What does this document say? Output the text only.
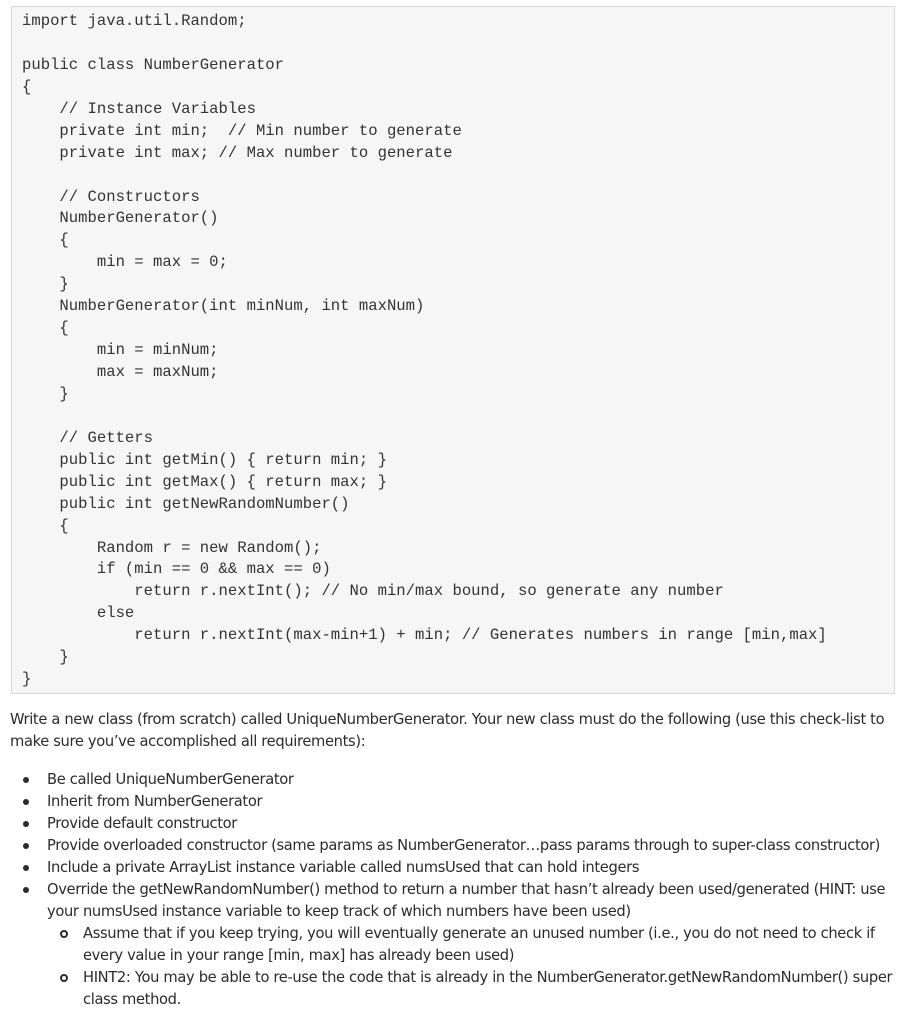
import java.util.Random;
public class NumberGenerator
{
// Instance Variables
private int min;  // Min number to generate
private int max; // Max number to generate
// Constructors
NumberGenerator()
{
min = max = 0;
}
NumberGenerator(int minNum, int maxNum)
{
min = minNum;
max = maxNum;
}
// Getters
public int getMin() { return min; }
public int getMax() { return max; }
public int getNewRandomNumber()
{
Random r = new Random();
if (min == 0 && max == 0)
return r.nextInt(); // No min/max bound, so generate any number
else
return r.nextInt(max-min+1) + min; // Generates numbers in range [min,max]
}
}

Write a new class (from scratch) called UniqueNumberGenerator. Your new class must do the following (use this check-list to make sure you’ve accomplished all requirements):

Be called UniqueNumberGenerator
Inherit from NumberGenerator
Provide default constructor
Provide overloaded constructor (same params as NumberGenerator…pass params through to super-class constructor)
Include a private ArrayList instance variable called numsUsed that can hold integers
Override the getNewRandomNumber() method to return a number that hasn’t already been used/generated (HINT: use your numsUsed instance variable to keep track of which numbers have been used)
Assume that if you keep trying, you will eventually generate an unused number (i.e., you do not need to check if every value in your range [min, max] has already been used)
HINT2: You may be able to re-use the code that is already in the NumberGenerator.getNewRandomNumber() super class method.
